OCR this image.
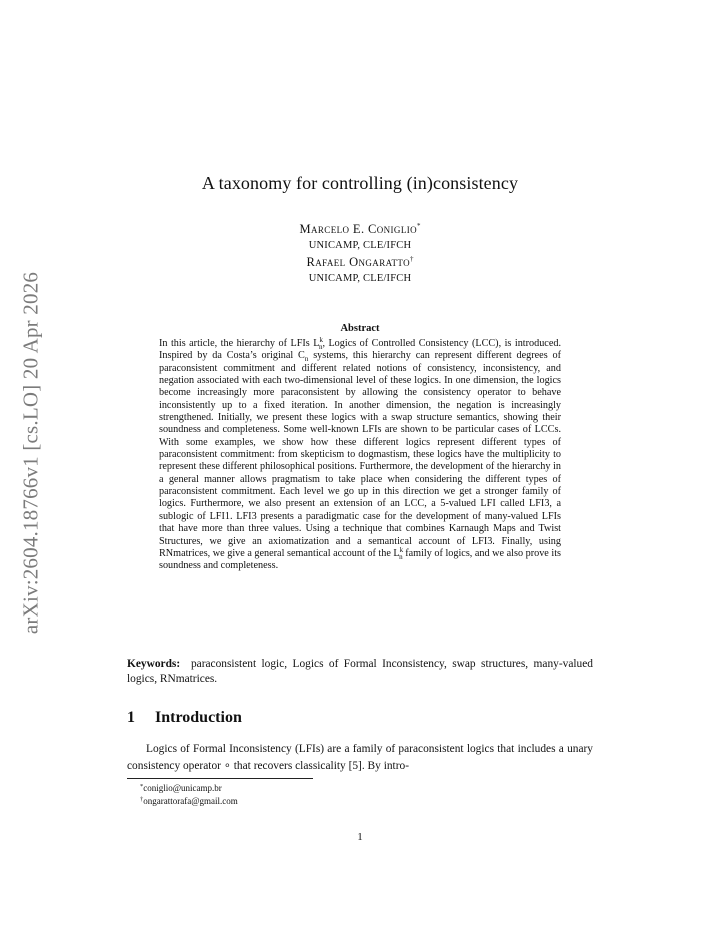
arXiv:2604.18766v1 [cs.LO] 20 Apr 2026
A taxonomy for controlling (in)consistency
Marcelo E. Coniglio*
UNICAMP, CLE/IFCH
Rafael Ongaratto†
UNICAMP, CLE/IFCH
Abstract
In this article, the hierarchy of LFIs $L^k_n$, Logics of Controlled Consistency (LCC), is introduced. Inspired by da Costa’s original $C_n$ systems, this hierarchy can represent different degrees of paraconsistent commitment and different related notions of consistency, inconsistency, and negation associated with each two-dimensional level of these logics. In one dimension, the logics become increasingly more paraconsistent by allowing the consistency operator to behave inconsistently up to a fixed iteration. In another dimension, the negation is increasingly strengthened. Initially, we present these logics with a swap structure semantics, showing their soundness and completeness. Some well-known LFIs are shown to be particular cases of LCCs. With some examples, we show how these different logics represent different types of paraconsistent commitment: from skepticism to dogmastism, these logics have the multiplicity to represent these different philosophical positions. Furthermore, the development of the hierarchy in a general manner allows pragmatism to take place when considering the different types of paraconsistent commitment. Each level we go up in this direction we get a stronger family of logics. Furthermore, we also present an extension of an LCC, a 5-valued LFI called LFI3, a sublogic of LFI1. LFI3 presents a paradigmatic case for the development of many-valued LFIs that have more than three values. Using a technique that combines Karnaugh Maps and Twist Structures, we give an axiomatization and a semantical account of LFI3. Finally, using RNmatrices, we give a general semantical account of the $L^k_n$ family of logics, and we also prove its soundness and completeness.
Keywords: paraconsistent logic, Logics of Formal Inconsistency, swap structures, many-valued logics, RNmatrices.
1 Introduction
Logics of Formal Inconsistency (LFIs) are a family of paraconsistent logics that includes a unary consistency operator ∘ that recovers classicality [5]. By intro-
*coniglio@unicamp.br
†ongarattorafa@gmail.com
1
